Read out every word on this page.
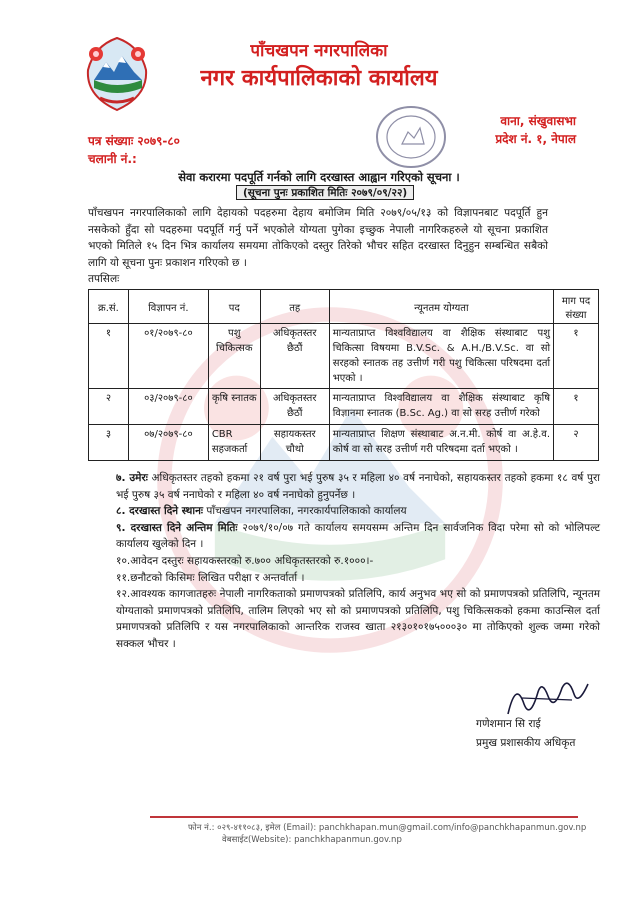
पाँचखपन नगरपालिका
नगर कार्यपालिकाको कार्यालय
वाना, संखुवासभा
प्रदेश नं. १, नेपाल
पत्र संख्याः २०७९-८०
चलानी नं.:
सेवा करारमा पदपूर्ति गर्नको लागि दरखास्त आह्वान गरिएको सूचना ।
(सूचना पुनः प्रकाशित मितिः २०७९/०९/२२)
पाँचखपन नगरपालिकाको लागि देहायको पदहरुमा देहाय बमोजिम मिति २०७९/०५/१३ को विज्ञापनबाट पदपूर्ति हुन नसकेको हुँदा सो पदहरुमा पदपूर्ति गर्नु पर्ने भएकोले योग्यता पुगेका इच्छुक नेपाली नागरिकहरुले यो सूचना प्रकाशित भएको मितिले १५ दिन भित्र कार्यालय समयमा तोकिएको दस्तुर तिरेको भौचर सहित दरखास्त दिनुहुन सम्बन्धित सबैको लागि यो सूचना पुनः प्रकाशन गरिएको छ ।
तपसिलः
क्र.सं.	विज्ञापन नं.	पद	तह	न्यूनतम योग्यता	माग पद संख्या
१	०१/२०७९-८०	पशु चिकित्सक	अधिकृतस्तर छैठौं	मान्यताप्राप्त विश्वविद्यालय वा शैक्षिक संस्थाबाट पशु चिकित्सा विषयमा B.V.Sc. & A.H./B.V.Sc. वा सो सरहको स्नातक तह उत्तीर्ण गरी पशु चिकित्सा परिषदमा दर्ता भएको ।	१
२	०३/२०७९-८०	कृषि स्नातक	अधिकृतस्तर छैठौं	मान्यताप्राप्त विश्वविद्यालय वा शैक्षिक संस्थाबाट कृषि विज्ञानमा स्नातक (B.Sc. Ag.) वा सो सरह उत्तीर्ण गरेको	१
३	०७/२०७९-८०	CBR सहजकर्ता	सहायकस्तर चौथो	मान्यताप्राप्त शिक्षण संस्थाबाट अ.न.मी. कोर्ष वा अ.हे.व. कोर्ष वा सो सरह उत्तीर्ण गरी परिषदमा दर्ता भएको ।	२
७. उमेरः अधिकृतस्तर तहको हकमा २१ वर्ष पुरा भई पुरुष ३५ र महिला ४० वर्ष ननाघेको, सहायकस्तर तहको हकमा १८ वर्ष पुरा भई पुरुष ३५ वर्ष ननाघेको र महिला ४० वर्ष ननाघेको हुनुपर्नेछ ।
८. दरखास्त दिने स्थानः पाँचखपन नगरपालिका, नगरकार्यपालिकाको कार्यालय
९. दरखास्त दिने अन्तिम मितिः २०७९/१०/०७ गते कार्यालय समयसम्म अन्तिम दिन सार्वजनिक विदा परेमा सो को भोलिपल्ट कार्यालय खुलेको दिन ।
१०.आवेदन दस्तुरः सहायकस्तरको रु.७०० अधिकृतस्तरको रु.१०००।-
११.छनौटको किसिमः लिखित परीक्षा र अन्तर्वार्ता ।
१२.आवश्यक कागजातहरुः नेपाली नागरिकताको प्रमाणपत्रको प्रतिलिपि, कार्य अनुभव भए सो को प्रमाणपत्रको प्रतिलिपि, न्यूनतम योग्यताको प्रमाणपत्रको प्रतिलिपि, तालिम लिएको भए सो को प्रमाणपत्रको प्रतिलिपि, पशु चिकित्सकको हकमा काउन्सिल दर्ता प्रमाणपत्रको प्रतिलिपि र यस नगरपालिकाको आन्तरिक राजस्व खाता २१३०१०१७५०००३० मा तोकिएको शुल्क जम्मा गरेको सक्कल भौचर ।
गणेशमान सि राई
प्रमुख प्रशासकीय अधिकृत
फोन नं.: ०२९-४११०८३, इमेल (Email): panchkhapan.mun@gmail.com/info@panchkhapanmun.gov.np
वेबसाईट(Website): panchkhapanmun.gov.np
